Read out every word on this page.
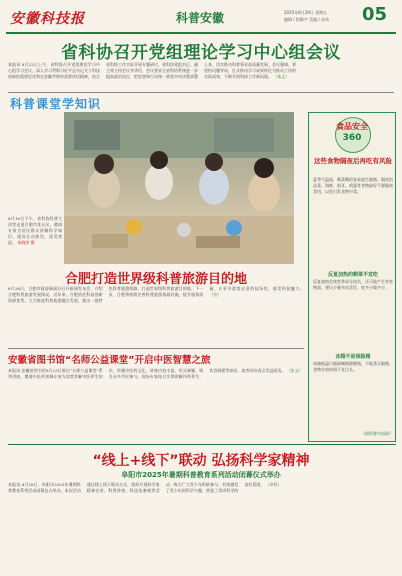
安徽科技报	科普安徽	2025年8月29日 星期五
编辑 / 程静宇 美编 / 苏伟 05
省科协召开党组理论学习中心组会议
本报讯 8月22日上午，省科协召开党组理论学习中心组学习会议，深入学习贯彻习近平总书记关于科技创新的重要论述和在安徽考察时重要讲话精神，结合省科协工作实际开展专题研讨。省科协党组书记、副主席主持会议并讲话，会议要求全省科协系统进一步提高政治站位，把思想和行动统一到党中央决策部署上来，切实推动科普事业高质量发展。会议强调，要坚持问题导向，扎实推动学习成果转化为推动工作的实际成效，不断开创科协工作新局面。 （朱文）
科普课堂学知识
8月16日下午，省科协科普大讲堂走进合肥市某社区，邀请专家为居民群众讲解科学知识，现场互动热烈，深受欢迎。 朱晓彤 摄
合肥打造世界级科普旅游目的地
8月26日，合肥市政府新闻办召开新闻发布会，介绍合肥科普旅游发展情况。近年来，合肥依托科技创新资源优势，大力推进科普旅游融合发展，推出一批特色科普旅游线路，打造世界级科普旅游目的地。下一步，合肥将持续完善科普旅游基础设施，提升服务质量，让更多游客走进科技场馆，感受科技魅力。 （宣）
食品安全
360
这些食物隔夜后再吃有风险
夏季气温高，剩菜剩饭容易滋生细菌。隔夜的凉菜、海鲜、银耳、鸡蛋等食物最好不要隔夜食用，以免引发食物中毒。
反复加热的剩菜不宜吃
反复加热会使营养成分流失，还可能产生有害物质，建议少量多次烹饪，吃多少做多少。
冰箱不是保险箱
冰箱低温只能抑制细菌繁殖，不能杀灭细菌，食物存放时间不宜过长。
（据科普中国网）
安徽省图书馆“名师公益课堂”开启中医智慧之旅
本报讯 安徽省图书馆8月23日推出“名师公益课堂”系列讲座，邀请中医药领域专家为读者讲解中医养生知识，传播中医药文化。讲座内容丰富，形式新颖，吸引众多市民参与。现场专家结合实例讲解四季养生、饮食调理等知识，读者纷纷表示受益匪浅。 （张文）
“线上+线下”联动 弘扬科学家精神
阜阳市2025年暑期科普教育系列活动闭幕仪式举办
本报讯 8月28日，阜阳市2025年暑期科普教育系列活动闭幕仪式举办。本次活动通过线上线下联动方式，组织开展科学家精神宣讲、科普讲座、科技馆参观等活动，吸引广大青少年积极参与，有效激发了青少年的科学兴趣，营造了崇尚科学的良好氛围。 （阜科）
